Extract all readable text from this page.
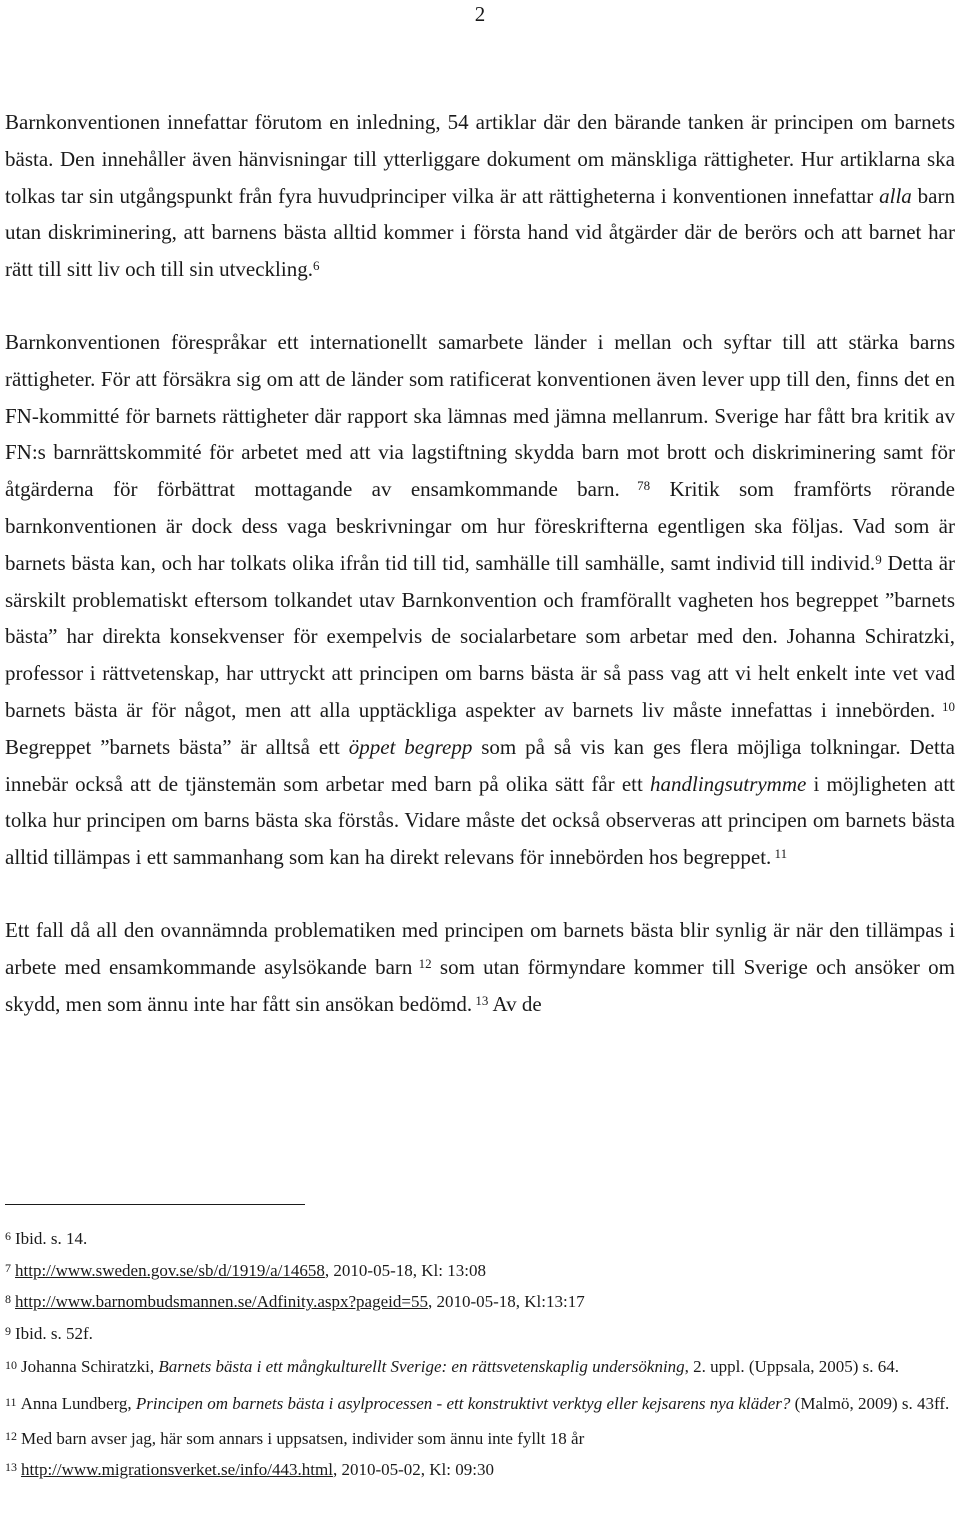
2

Barnkonventionen innefattar förutom en inledning, 54 artiklar där den bärande tanken är principen om barnets bästa. Den innehåller även hänvisningar till ytterliggare dokument om mänskliga rättigheter. Hur artiklarna ska tolkas tar sin utgångspunkt från fyra huvudprinciper vilka är att rättigheterna i konventionen innefattar alla barn utan diskriminering, att barnens bästa alltid kommer i första hand vid åtgärder där de berörs och att barnet har rätt till sitt liv och till sin utveckling.$^6$

Barnkonventionen förespråkar ett internationellt samarbete länder i mellan och syftar till att stärka barns rättigheter. För att försäkra sig om att de länder som ratificerat konventionen även lever upp till den, finns det en FN-kommitté för barnets rättigheter där rapport ska lämnas med jämna mellanrum. Sverige har fått bra kritik av FN:s barnrättskommité för arbetet med att via lagstiftning skydda barn mot brott och diskriminering samt för åtgärderna för förbättrat mottagande av ensamkommande barn. $^{78}$ Kritik som framförts rörande barnkonventionen är dock dess vaga beskrivningar om hur föreskrifterna egentligen ska följas. Vad som är barnets bästa kan, och har tolkats olika ifrån tid till tid, samhälle till samhälle, samt individ till individ.$^9$ Detta är särskilt problematiskt eftersom tolkandet utav Barnkonvention och framförallt vagheten hos begreppet ”barnets bästa” har direkta konsekvenser för exempelvis de socialarbetare som arbetar med den. Johanna Schiratzki, professor i rättvetenskap, har uttryckt att principen om barns bästa är så pass vag att vi helt enkelt inte vet vad barnets bästa är för något, men att alla upptäckliga aspekter av barnets liv måste innefattas i innebörden. $^{10}$ Begreppet ”barnets bästa” är alltså ett öppet begrepp som på så vis kan ges flera möjliga tolkningar. Detta innebär också att de tjänstemän som arbetar med barn på olika sätt får ett handlingsutrymme i möjligheten att tolka hur principen om barns bästa ska förstås. Vidare måste det också observeras att principen om barnets bästa alltid tillämpas i ett sammanhang som kan ha direkt relevans för innebörden hos begreppet. $^{11}$

Ett fall då all den ovannämnda problematiken med principen om barnets bästa blir synlig är när den tillämpas i arbete med ensamkommande asylsökande barn $^{12}$ som utan förmyndare kommer till Sverige och ansöker om skydd, men som ännu inte har fått sin ansökan bedömd. $^{13}$ Av de

$^6$ Ibid. s. 14.
$^7$ http://www.sweden.gov.se/sb/d/1919/a/14658, 2010-05-18, Kl: 13:08
$^8$ http://www.barnombudsmannen.se/Adfinity.aspx?pageid=55, 2010-05-18, Kl:13:17
$^9$ Ibid. s. 52f.
$^{10}$ Johanna Schiratzki, Barnets bästa i ett mångkulturellt Sverige: en rättsvetenskaplig undersökning, 2. uppl. (Uppsala, 2005) s. 64.
$^{11}$ Anna Lundberg, Principen om barnets bästa i asylprocessen - ett konstruktivt verktyg eller kejsarens nya kläder? (Malmö, 2009) s. 43ff.
$^{12}$ Med barn avser jag, här som annars i uppsatsen, individer som ännu inte fyllt 18 år
$^{13}$ http://www.migrationsverket.se/info/443.html, 2010-05-02, Kl: 09:30
